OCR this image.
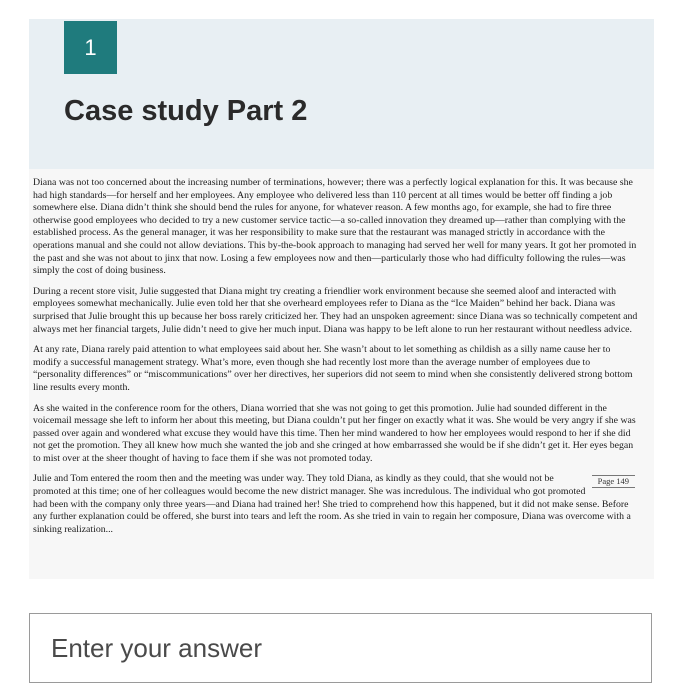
1
Case study Part 2

Diana was not too concerned about the increasing number of terminations, however; there was a perfectly logical explanation for this. It was because she had high standards—for herself and her employees. Any employee who delivered less than 110 percent at all times would be better off finding a job somewhere else. Diana didn’t think she should bend the rules for anyone, for whatever reason. A few months ago, for example, she had to fire three otherwise good employees who decided to try a new customer service tactic—a so-called innovation they dreamed up—rather than complying with the established process. As the general manager, it was her responsibility to make sure that the restaurant was managed strictly in accordance with the operations manual and she could not allow deviations. This by-the-book approach to managing had served her well for many years. It got her promoted in the past and she was not about to jinx that now. Losing a few employees now and then—particularly those who had difficulty following the rules—was simply the cost of doing business.

During a recent store visit, Julie suggested that Diana might try creating a friendlier work environment because she seemed aloof and interacted with employees somewhat mechanically. Julie even told her that she overheard employees refer to Diana as the “Ice Maiden” behind her back. Diana was surprised that Julie brought this up because her boss rarely criticized her. They had an unspoken agreement: since Diana was so technically competent and always met her financial targets, Julie didn’t need to give her much input. Diana was happy to be left alone to run her restaurant without needless advice.

At any rate, Diana rarely paid attention to what employees said about her. She wasn’t about to let something as childish as a silly name cause her to modify a successful management strategy. What’s more, even though she had recently lost more than the average number of employees due to “personality differences” or “miscommunications” over her directives, her superiors did not seem to mind when she consistently delivered strong bottom line results every month.

As she waited in the conference room for the others, Diana worried that she was not going to get this promotion. Julie had sounded different in the voicemail message she left to inform her about this meeting, but Diana couldn’t put her finger on exactly what it was. She would be very angry if she was passed over again and wondered what excuse they would have this time. Then her mind wandered to how her employees would respond to her if she did not get the promotion. They all knew how much she wanted the job and she cringed at how embarrassed she would be if she didn’t get it. Her eyes began to mist over at the sheer thought of having to face them if she was not promoted today.

Page 149
Julie and Tom entered the room then and the meeting was under way. They told Diana, as kindly as they could, that she would not be promoted at this time; one of her colleagues would become the new district manager. She was incredulous. The individual who got promoted had been with the company only three years—and Diana had trained her! She tried to comprehend how this happened, but it did not make sense. Before any further explanation could be offered, she burst into tears and left the room. As she tried in vain to regain her composure, Diana was overcome with a sinking realization...

Enter your answer
